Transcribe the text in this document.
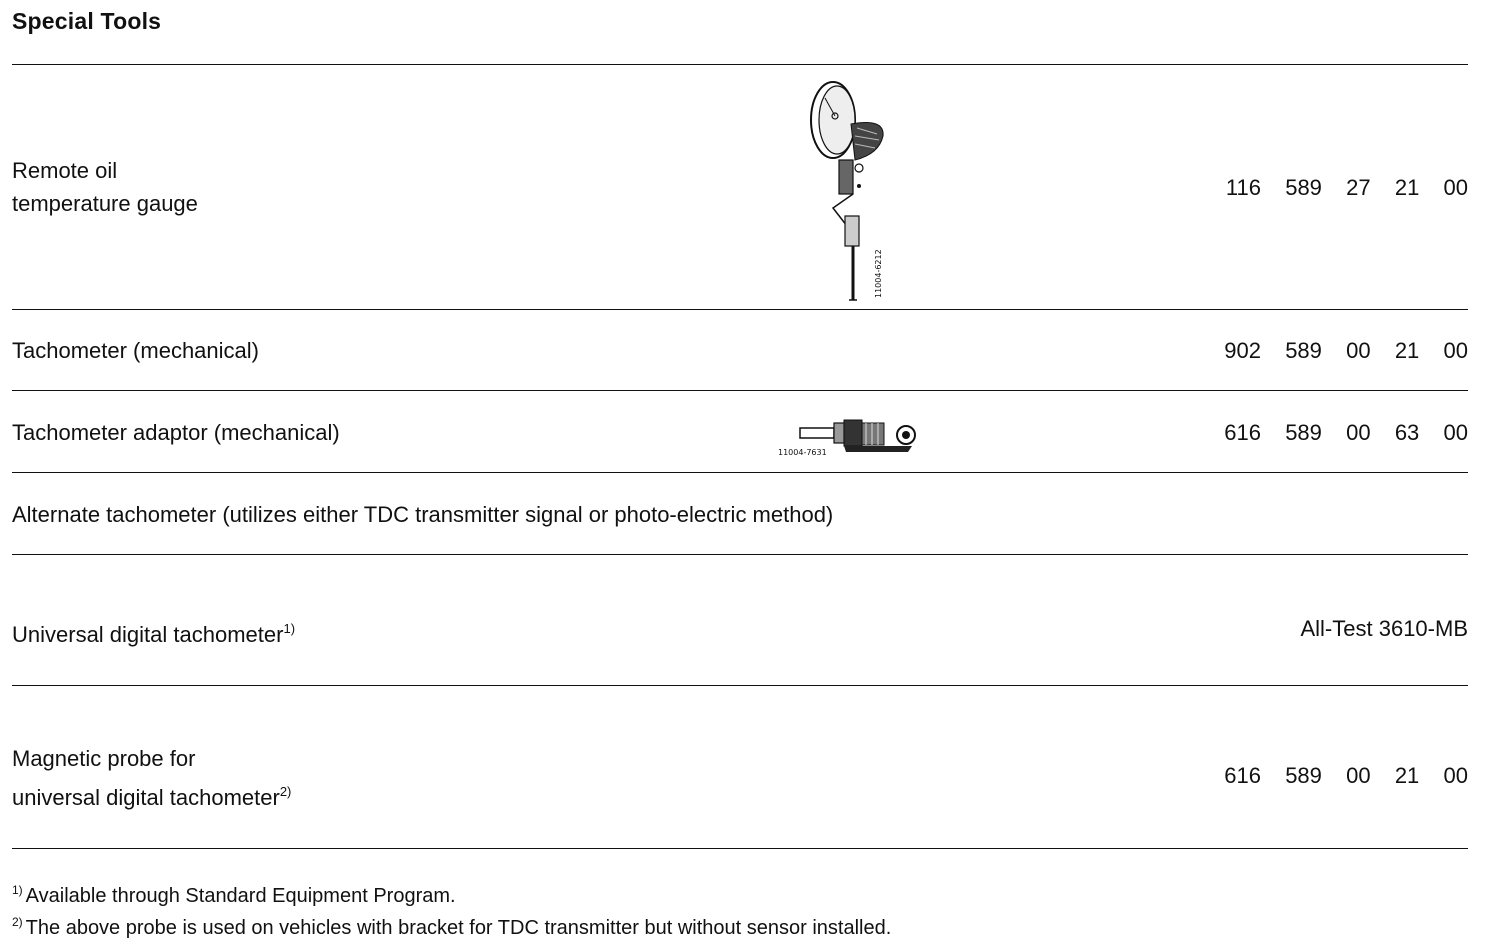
Special Tools
Remote oil
temperature gauge
11004-6212
116  589  27  21  00
Tachometer (mechanical)	902  589  00  21  00
Tachometer adaptor (mechanical)
11004-7631
616  589  00  63  00
Alternate tachometer (utilizes either TDC transmitter signal or photo-electric method)
Universal digital tachometer$^{1)}$	All-Test 3610-MB
Magnetic probe for
universal digital tachometer$^{2)}$
616  589  00  21  00
$^{1)}$ Available through Standard Equipment Program.
$^{2)}$ The above probe is used on vehicles with bracket for TDC transmitter but without sensor installed.
